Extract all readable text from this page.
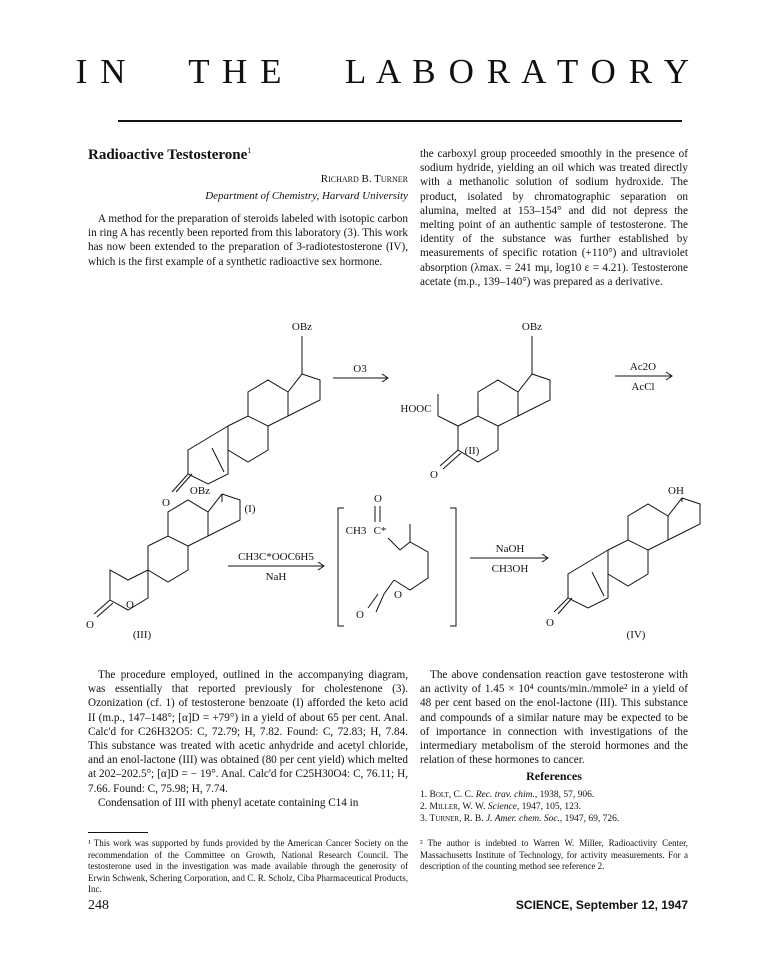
I N     T H E     L A B O R A T O R Y
Radioactive Testosterone$^1$
Richard B. Turner
Department of Chemistry, Harvard University

A method for the preparation of steroids labeled with isotopic carbon in ring A has recently been reported from this laboratory (3). This work has now been extended to the preparation of 3-radiotestosterone (IV), which is the first example of a synthetic radioactive sex hormone.

the carboxyl group proceeded smoothly in the presence of sodium hydride, yielding an oil which was treated directly with a methanolic solution of sodium hydroxide. The product, isolated by chromatographic separation on alumina, melted at 153–154° and did not depress the melting point of an authentic sample of testosterone. The identity of the substance was further established by measurements of specific rotation (+110°) and ultraviolet absorption (λmax. = 241 mμ, log10 ε = 4.21). Testosterone acetate (m.p., 139–140°) was prepared as a derivative.

OBz
O	(I)
O3
OBz
HOOC
O
(II)
Ac2O
AcCl
OBz
O
O
(III)
CH3C*OOC6H5
NaH
O
CH3 C*
O
O
NaOH
CH3OH
OH
O
(IV)

The procedure employed, outlined in the accompanying diagram, was essentially that reported previously for cholestenone (3). Ozonization (cf. 1) of testosterone benzoate (I) afforded the keto acid II (m.p., 147–148°; [α]D = +79°) in a yield of about 65 per cent. Anal. Calc'd for C26H32O5: C, 72.79; H, 7.82. Found: C, 72.83; H, 7.84. This substance was treated with acetic anhydride and acetyl chloride, and an enol-lactone (III) was obtained (80 per cent yield) which melted at 202–202.5°; [α]D = − 19°. Anal. Calc'd for C25H30O4: C, 76.11; H, 7.66. Found: C, 75.98; H, 7.74.

Condensation of III with phenyl acetate containing C14 in

The above condensation reaction gave testosterone with an activity of 1.45 × 10⁴ counts/min./mmole² in a yield of 48 per cent based on the enol-lactone (III). This substance and compounds of a similar nature may be expected to be of importance in connection with investigations of the intermediary metabolism of the steroid hormones and the relation of these hormones to cancer.

References
1. Bolt, C. C. Rec. trav. chim., 1938, 57, 906.
2. Miller, W. W. Science, 1947, 105, 123.
3. Turner, R. B. J. Amer. chem. Soc., 1947, 69, 726.
¹ This work was supported by funds provided by the American Cancer Society on the recommendation of the Committee on Growth, National Research Council. The testosterone used in the investigation was made available through the generosity of Erwin Schwenk, Schering Corporation, and C. R. Scholz, Ciba Pharmaceutical Products, Inc.
² The author is indebted to Warren W. Miller, Radioactivity Center, Massachusetts Institute of Technology, for activity measurements. For a description of the counting method see reference 2.
248	SCIENCE, September 12, 1947
